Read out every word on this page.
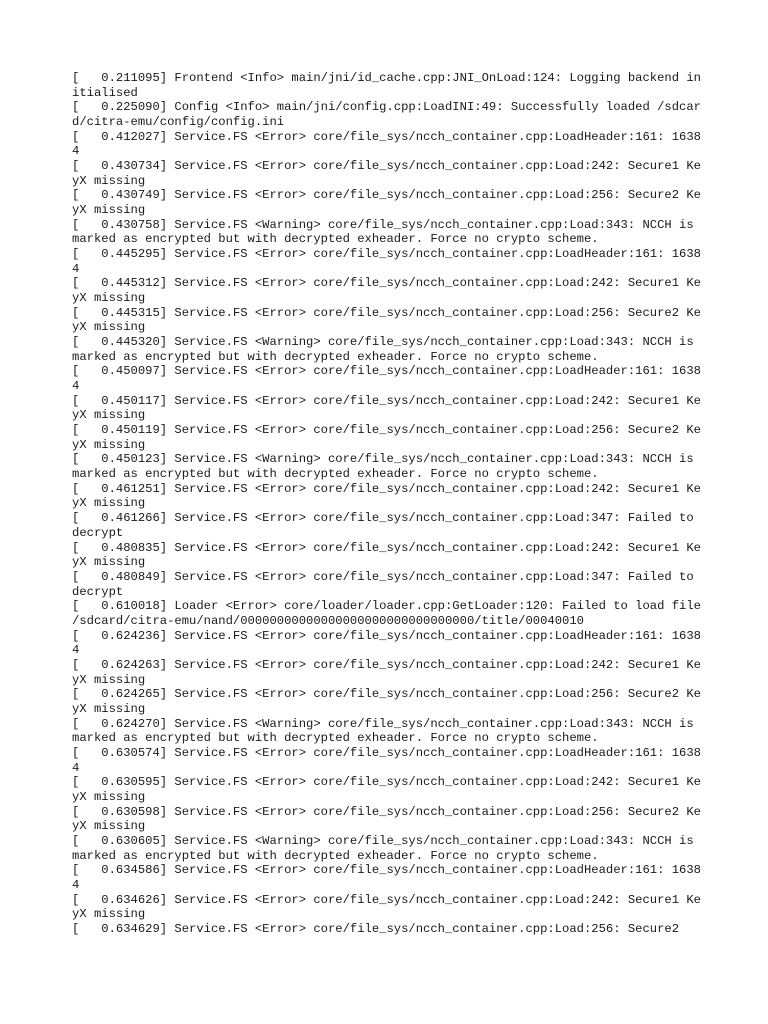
[   0.211095] Frontend <Info> main/jni/id_cache.cpp:JNI_OnLoad:124: Logging backend initialised
[   0.225090] Config <Info> main/jni/config.cpp:LoadINI:49: Successfully loaded /sdcard/citra-emu/config/config.ini
[   0.412027] Service.FS <Error> core/file_sys/ncch_container.cpp:LoadHeader:161: 16384
[   0.430734] Service.FS <Error> core/file_sys/ncch_container.cpp:Load:242: Secure1 KeyX missing
[   0.430749] Service.FS <Error> core/file_sys/ncch_container.cpp:Load:256: Secure2 KeyX missing
[   0.430758] Service.FS <Warning> core/file_sys/ncch_container.cpp:Load:343: NCCH is marked as encrypted but with decrypted exheader. Force no crypto scheme.
[   0.445295] Service.FS <Error> core/file_sys/ncch_container.cpp:LoadHeader:161: 16384
[   0.445312] Service.FS <Error> core/file_sys/ncch_container.cpp:Load:242: Secure1 KeyX missing
[   0.445315] Service.FS <Error> core/file_sys/ncch_container.cpp:Load:256: Secure2 KeyX missing
[   0.445320] Service.FS <Warning> core/file_sys/ncch_container.cpp:Load:343: NCCH is marked as encrypted but with decrypted exheader. Force no crypto scheme.
[   0.450097] Service.FS <Error> core/file_sys/ncch_container.cpp:LoadHeader:161: 16384
[   0.450117] Service.FS <Error> core/file_sys/ncch_container.cpp:Load:242: Secure1 KeyX missing
[   0.450119] Service.FS <Error> core/file_sys/ncch_container.cpp:Load:256: Secure2 KeyX missing
[   0.450123] Service.FS <Warning> core/file_sys/ncch_container.cpp:Load:343: NCCH is marked as encrypted but with decrypted exheader. Force no crypto scheme.
[   0.461251] Service.FS <Error> core/file_sys/ncch_container.cpp:Load:242: Secure1 KeyX missing
[   0.461266] Service.FS <Error> core/file_sys/ncch_container.cpp:Load:347: Failed to decrypt
[   0.480835] Service.FS <Error> core/file_sys/ncch_container.cpp:Load:242: Secure1 KeyX missing
[   0.480849] Service.FS <Error> core/file_sys/ncch_container.cpp:Load:347: Failed to decrypt
[   0.610018] Loader <Error> core/loader/loader.cpp:GetLoader:120: Failed to load file /sdcard/citra-emu/nand/00000000000000000000000000000000/title/00040010
[   0.624236] Service.FS <Error> core/file_sys/ncch_container.cpp:LoadHeader:161: 16384
[   0.624263] Service.FS <Error> core/file_sys/ncch_container.cpp:Load:242: Secure1 KeyX missing
[   0.624265] Service.FS <Error> core/file_sys/ncch_container.cpp:Load:256: Secure2 KeyX missing
[   0.624270] Service.FS <Warning> core/file_sys/ncch_container.cpp:Load:343: NCCH is marked as encrypted but with decrypted exheader. Force no crypto scheme.
[   0.630574] Service.FS <Error> core/file_sys/ncch_container.cpp:LoadHeader:161: 16384
[   0.630595] Service.FS <Error> core/file_sys/ncch_container.cpp:Load:242: Secure1 KeyX missing
[   0.630598] Service.FS <Error> core/file_sys/ncch_container.cpp:Load:256: Secure2 KeyX missing
[   0.630605] Service.FS <Warning> core/file_sys/ncch_container.cpp:Load:343: NCCH is marked as encrypted but with decrypted exheader. Force no crypto scheme.
[   0.634586] Service.FS <Error> core/file_sys/ncch_container.cpp:LoadHeader:161: 16384
[   0.634626] Service.FS <Error> core/file_sys/ncch_container.cpp:Load:242: Secure1 KeyX missing
[   0.634629] Service.FS <Error> core/file_sys/ncch_container.cpp:Load:256: Secure2
